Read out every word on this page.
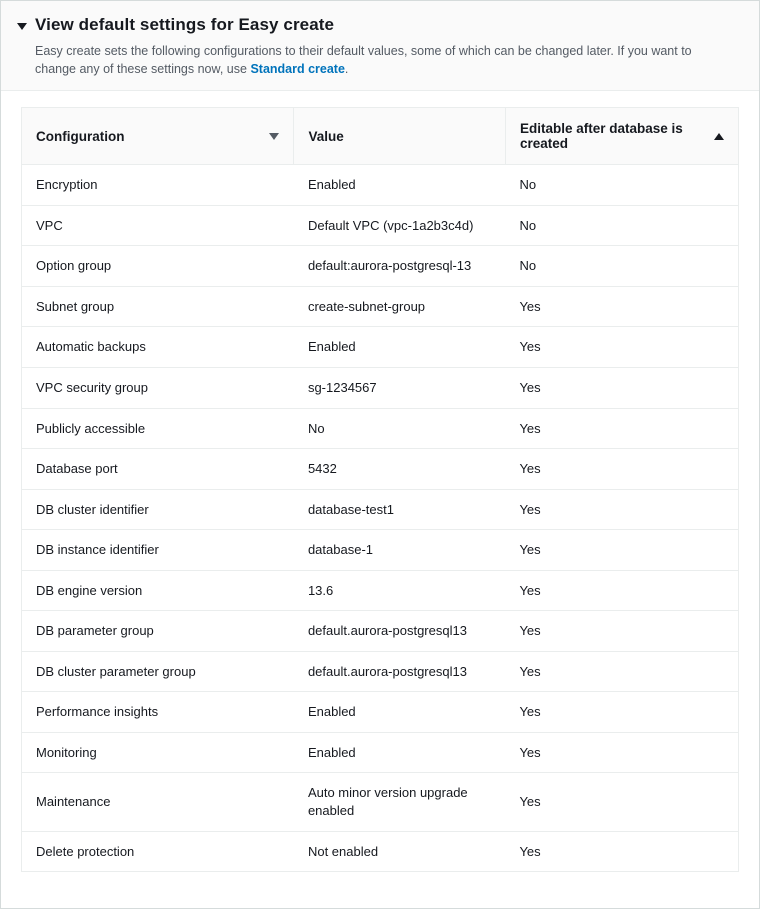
View default settings for Easy create
Easy create sets the following configurations to their default values, some of which can be changed later. If you want to change any of these settings now, use Standard create.
Configuration	Value	Editable after database is created

Encryption	Enabled	No
VPC	Default VPC (vpc-1a2b3c4d)	No
Option group	default:aurora-postgresql-13	No
Subnet group	create-subnet-group	Yes
Automatic backups	Enabled	Yes
VPC security group	sg-1234567	Yes
Publicly accessible	No	Yes
Database port	5432	Yes
DB cluster identifier	database-test1	Yes
DB instance identifier	database-1	Yes
DB engine version	13.6	Yes
DB parameter group	default.aurora-postgresql13	Yes
DB cluster parameter group	default.aurora-postgresql13	Yes
Performance insights	Enabled	Yes
Monitoring	Enabled	Yes
Maintenance	Auto minor version upgrade enabled	Yes
Delete protection	Not enabled	Yes
